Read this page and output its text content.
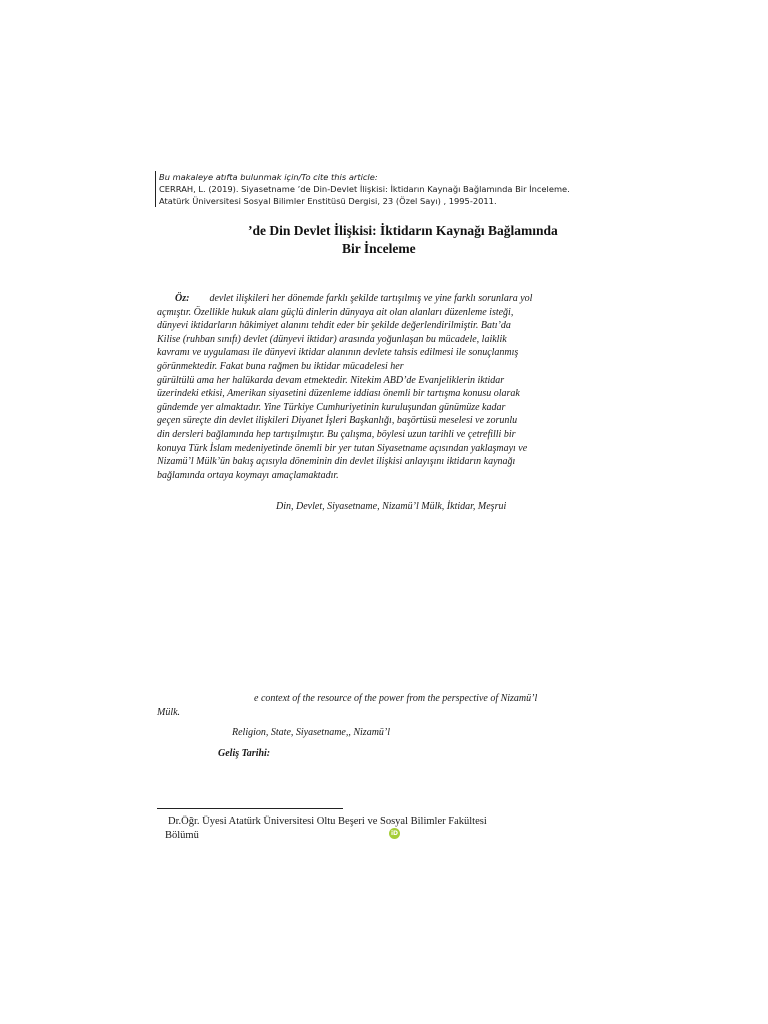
Bu makaleye atıfta bulunmak için/To cite this article:
CERRAH, L. (2019). Siyasetname ’de Din-Devlet İlişkisi: İktidarın Kaynağı Bağlamında Bir İnceleme.
Atatürk Üniversitesi Sosyal Bilimler Enstitüsü Dergisi, 23 (Özel Sayı) , 1995-2011.
’de Din Devlet İlişkisi: İktidarın Kaynağı Bağlamında
Bir İnceleme
Öz: devlet ilişkileri her dönemde farklı şekilde tartışılmış ve yine farklı sorunlara yol
açmıştır. Özellikle hukuk alanı güçlü dinlerin dünyaya ait olan alanları düzenleme isteği,
dünyevi iktidarların hâkimiyet alanını tehdit eder bir şekilde değerlendirilmiştir. Batı’da
Kilise (ruhban sınıfı) devlet (dünyevi iktidar) arasında yoğunlaşan bu mücadele, laiklik
kavramı ve uygulaması ile dünyevi iktidar alanının devlete tahsis edilmesi ile sonuçlanmış
görünmektedir. Fakat buna rağmen bu iktidar mücadelesi her
gürültülü ama her halükarda devam etmektedir. Nitekim ABD’de Evanjeliklerin iktidar
üzerindeki etkisi, Amerikan siyasetini düzenleme iddiası önemli bir tartışma konusu olarak
gündemde yer almaktadır. Yine Türkiye Cumhuriyetinin kuruluşundan günümüze kadar
geçen süreçte din devlet ilişkileri Diyanet İşleri Başkanlığı, başörtüsü meselesi ve zorunlu
din dersleri bağlamında hep tartışılmıştır. Bu çalışma, böylesi uzun tarihli ve çetrefilli bir
konuya Türk İslam medeniyetinde önemli bir yer tutan Siyasetname açısından yaklaşmayı ve
Nizamü’l Mülk’ün bakış açısıyla döneminin din devlet ilişkisi anlayışını iktidarın kaynağı
bağlamında ortaya koymayı amaçlamaktadır.
Din, Devlet, Siyasetname, Nizamü’l Mülk, İktidar, Meşrui
e context of the resource of the power from the perspective of Nizamü’l
Mülk.
Religion, State, Siyasetname,, Nizamü’l
Geliş Tarihi:
Dr.Öğr. Üyesi Atatürk Üniversitesi Oltu Beşeri ve Sosyal Bilimler Fakültesi
Bölümü	iD
